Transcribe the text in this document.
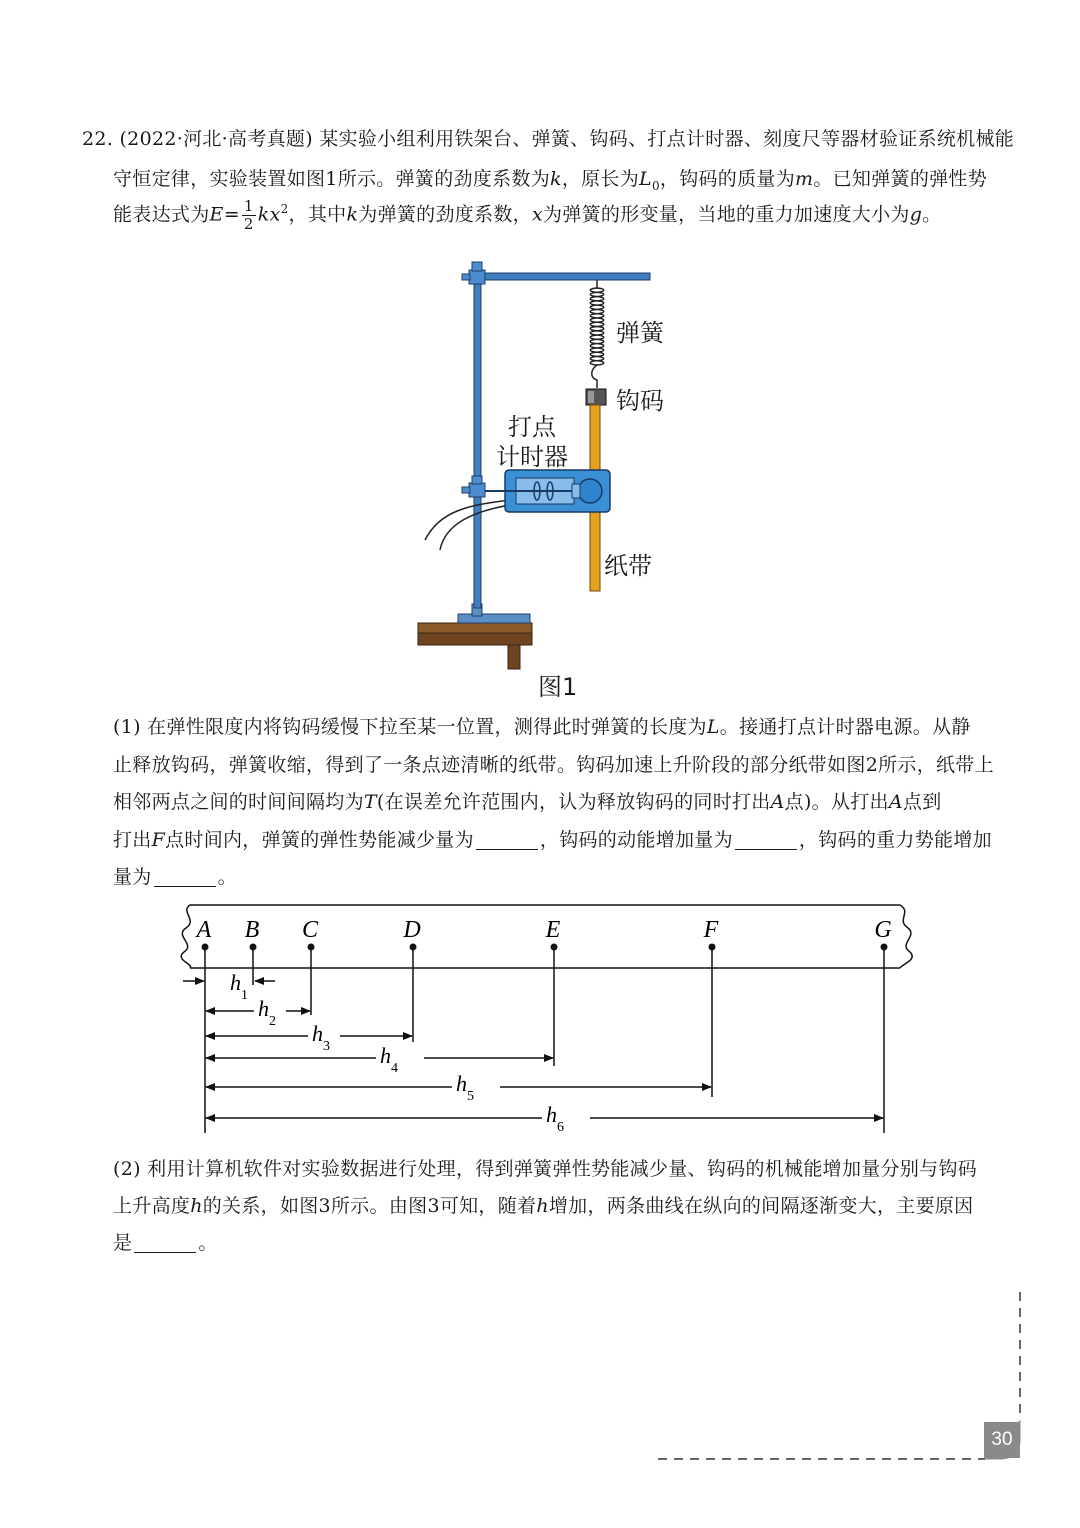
22. (2022·河北·高考真题) 某实验小组利用铁架台、弹簧、钩码、打点计时器、刻度尺等器材验证系统机械能
守恒定律，实验装置如图1所示。弹簧的劲度系数为k，原长为$L_0$，钩码的质量为m。已知弹簧的弹性势
能表达式为$E= \frac{1}{2} kx^2$，其中k为弹簧的劲度系数，x为弹簧的形变量，当地的重力加速度大小为g。
弹簧
钩码
打点
计时器
纸带
图1
(1) 在弹性限度内将钩码缓慢下拉至某一位置，测得此时弹簧的长度为L。接通打点计时器电源。从静
止释放钩码，弹簧收缩，得到了一条点迹清晰的纸带。钩码加速上升阶段的部分纸带如图2所示，纸带上
相邻两点之间的时间间隔均为T(在误差允许范围内，认为释放钩码的同时打出A点)。从打出A点到
打出F点时间内，弹簧的弹性势能减少量为	，钩码的动能增加量为	，钩码的重力势能增加
量为	。
A B C	D	E	F	G
h1
h2 h3 h4
h5
h6
(2) 利用计算机软件对实验数据进行处理，得到弹簧弹性势能减少量、钩码的机械能增加量分别与钩码
上升高度h的关系，如图3所示。由图3可知，随着h增加，两条曲线在纵向的间隔逐渐变大，主要原因
是	。
30
